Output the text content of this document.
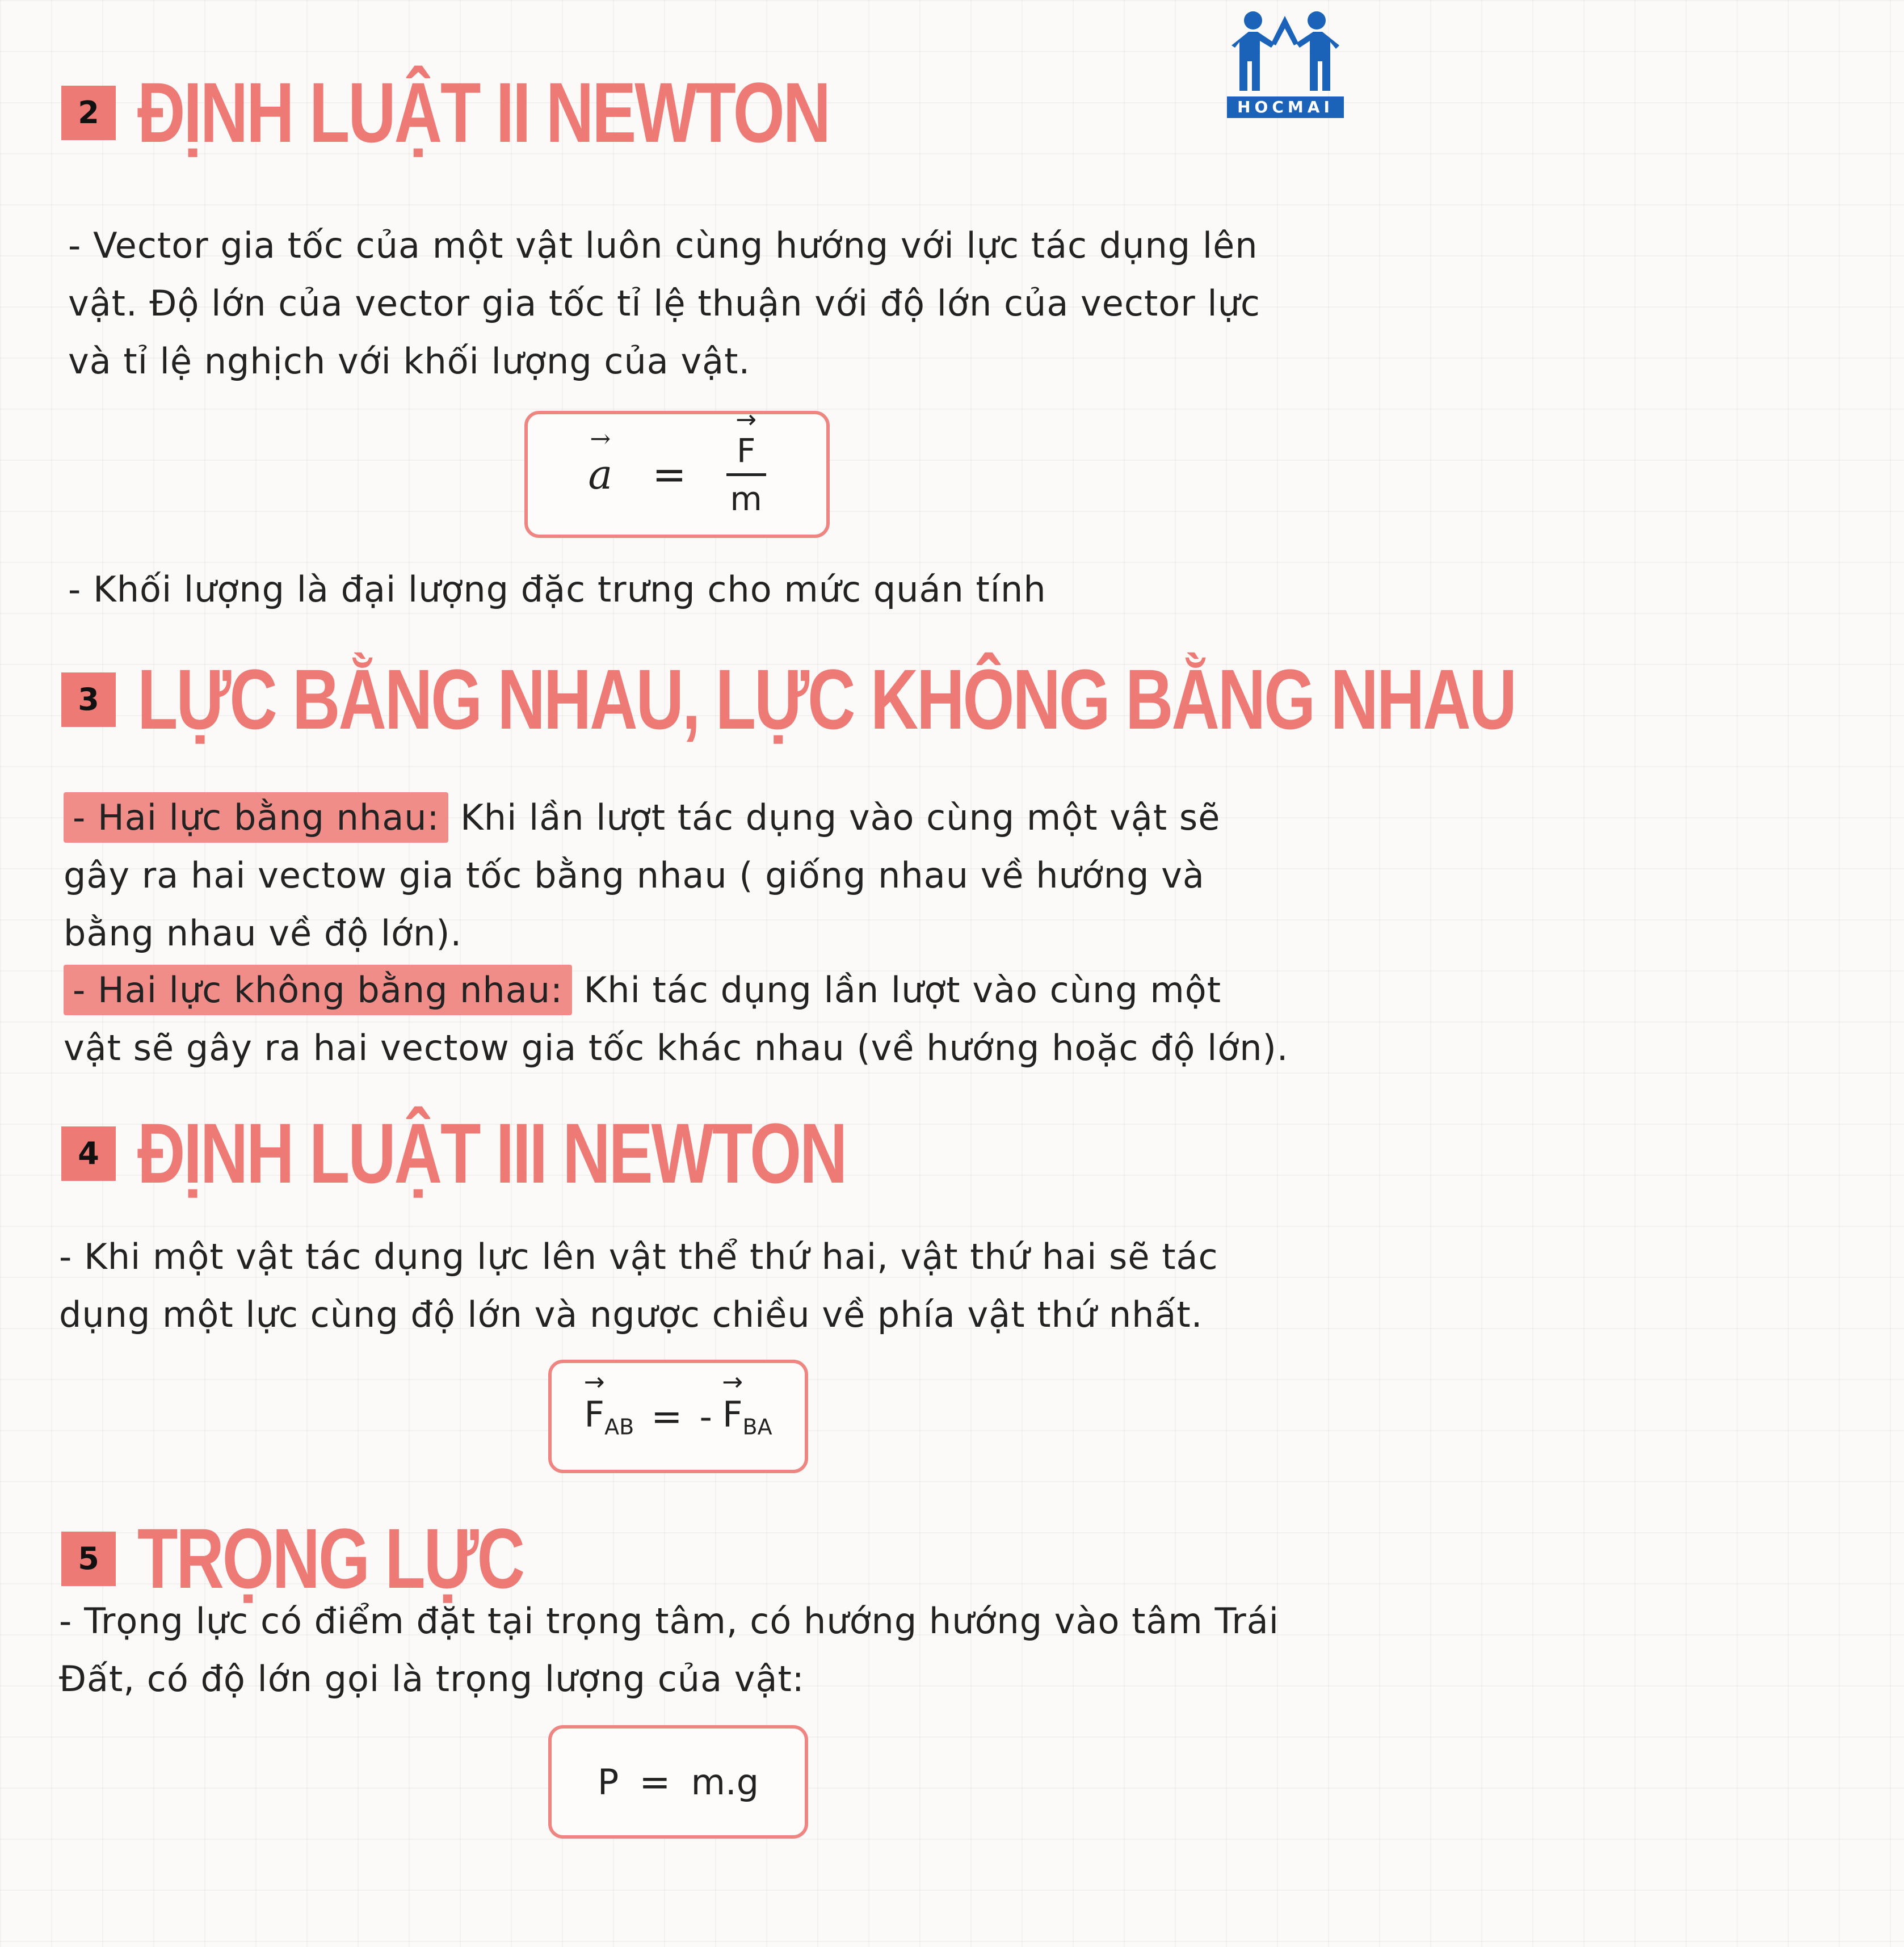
HOCMAI
2 ĐỊNH LUẬT II NEWTON
- Vector gia tốc của một vật luôn cùng hướng với lực tác dụng lên vật. Độ lớn của vector gia tốc tỉ lệ thuận với độ lớn của vector lực và tỉ lệ nghịch với khối lượng của vật.
→ a =
→ F
m
- Khối lượng là đại lượng đặc trưng cho mức quán tính
3 LỰC BẰNG NHAU, LỰC KHÔNG BẰNG NHAU
- Hai lực bằng nhau: Khi lần lượt tác dụng vào cùng một vật sẽ gây ra hai vectow gia tốc bằng nhau ( giống nhau về hướng và bằng nhau về độ lớn).
- Hai lực không bằng nhau: Khi tác dụng lần lượt vào cùng một vật sẽ gây ra hai vectow gia tốc khác nhau (về hướng hoặc độ lớn).
4 ĐỊNH LUẬT III NEWTON
- Khi một vật tác dụng lực lên vật thể thứ hai, vật thứ hai sẽ tác dụng một lực cùng độ lớn và ngược chiều về phía vật thứ nhất.
→ $F_{AB}$ = -
→ $F_{BA}$
5 TRỌNG LỰC
- Trọng lực có điểm đặt tại trọng tâm, có hướng hướng vào tâm Trái Đất, có độ lớn gọi là trọng lượng của vật:
P = m.g
